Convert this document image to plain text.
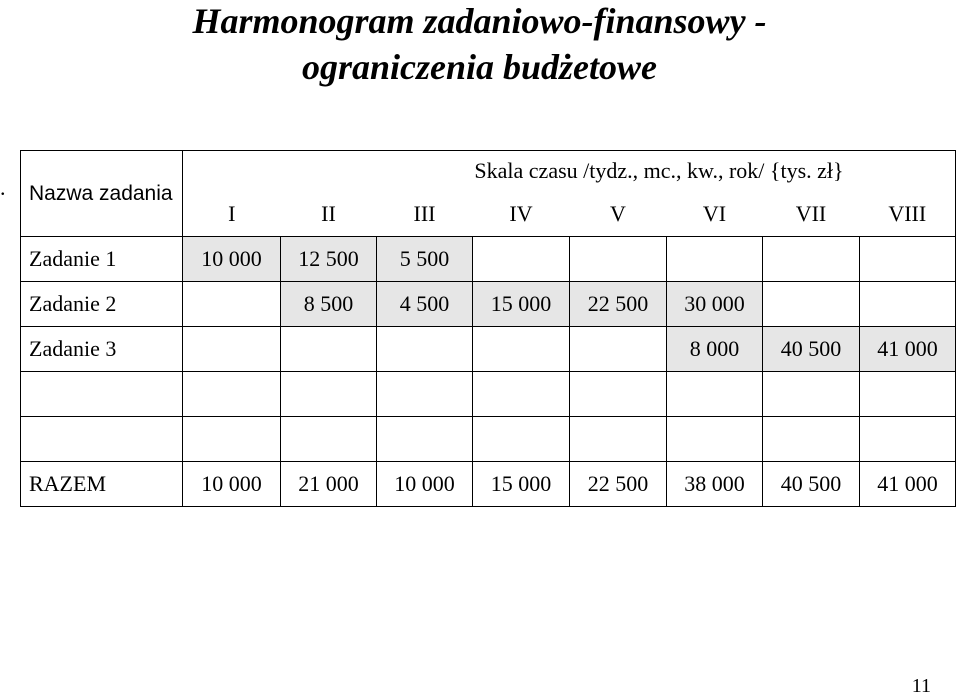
Harmonogram zadaniowo-finansowy -
ograniczenia budżetowe
. Nazwa zadania	Skala czasu /tydz., mc., kw., rok/ {tys. zł}							
	I	II	III	IV	V	VI	VII	VIII
Zadanie 1	10 000	12 500	5 500					
Zadanie 2		8 500	4 500	15 000	22 500	30 000		
Zadanie 3						8 000	40 500	41 000

RAZEM	10 000	21 000	10 000	15 000	22 500	38 000	40 500	41 000
11
